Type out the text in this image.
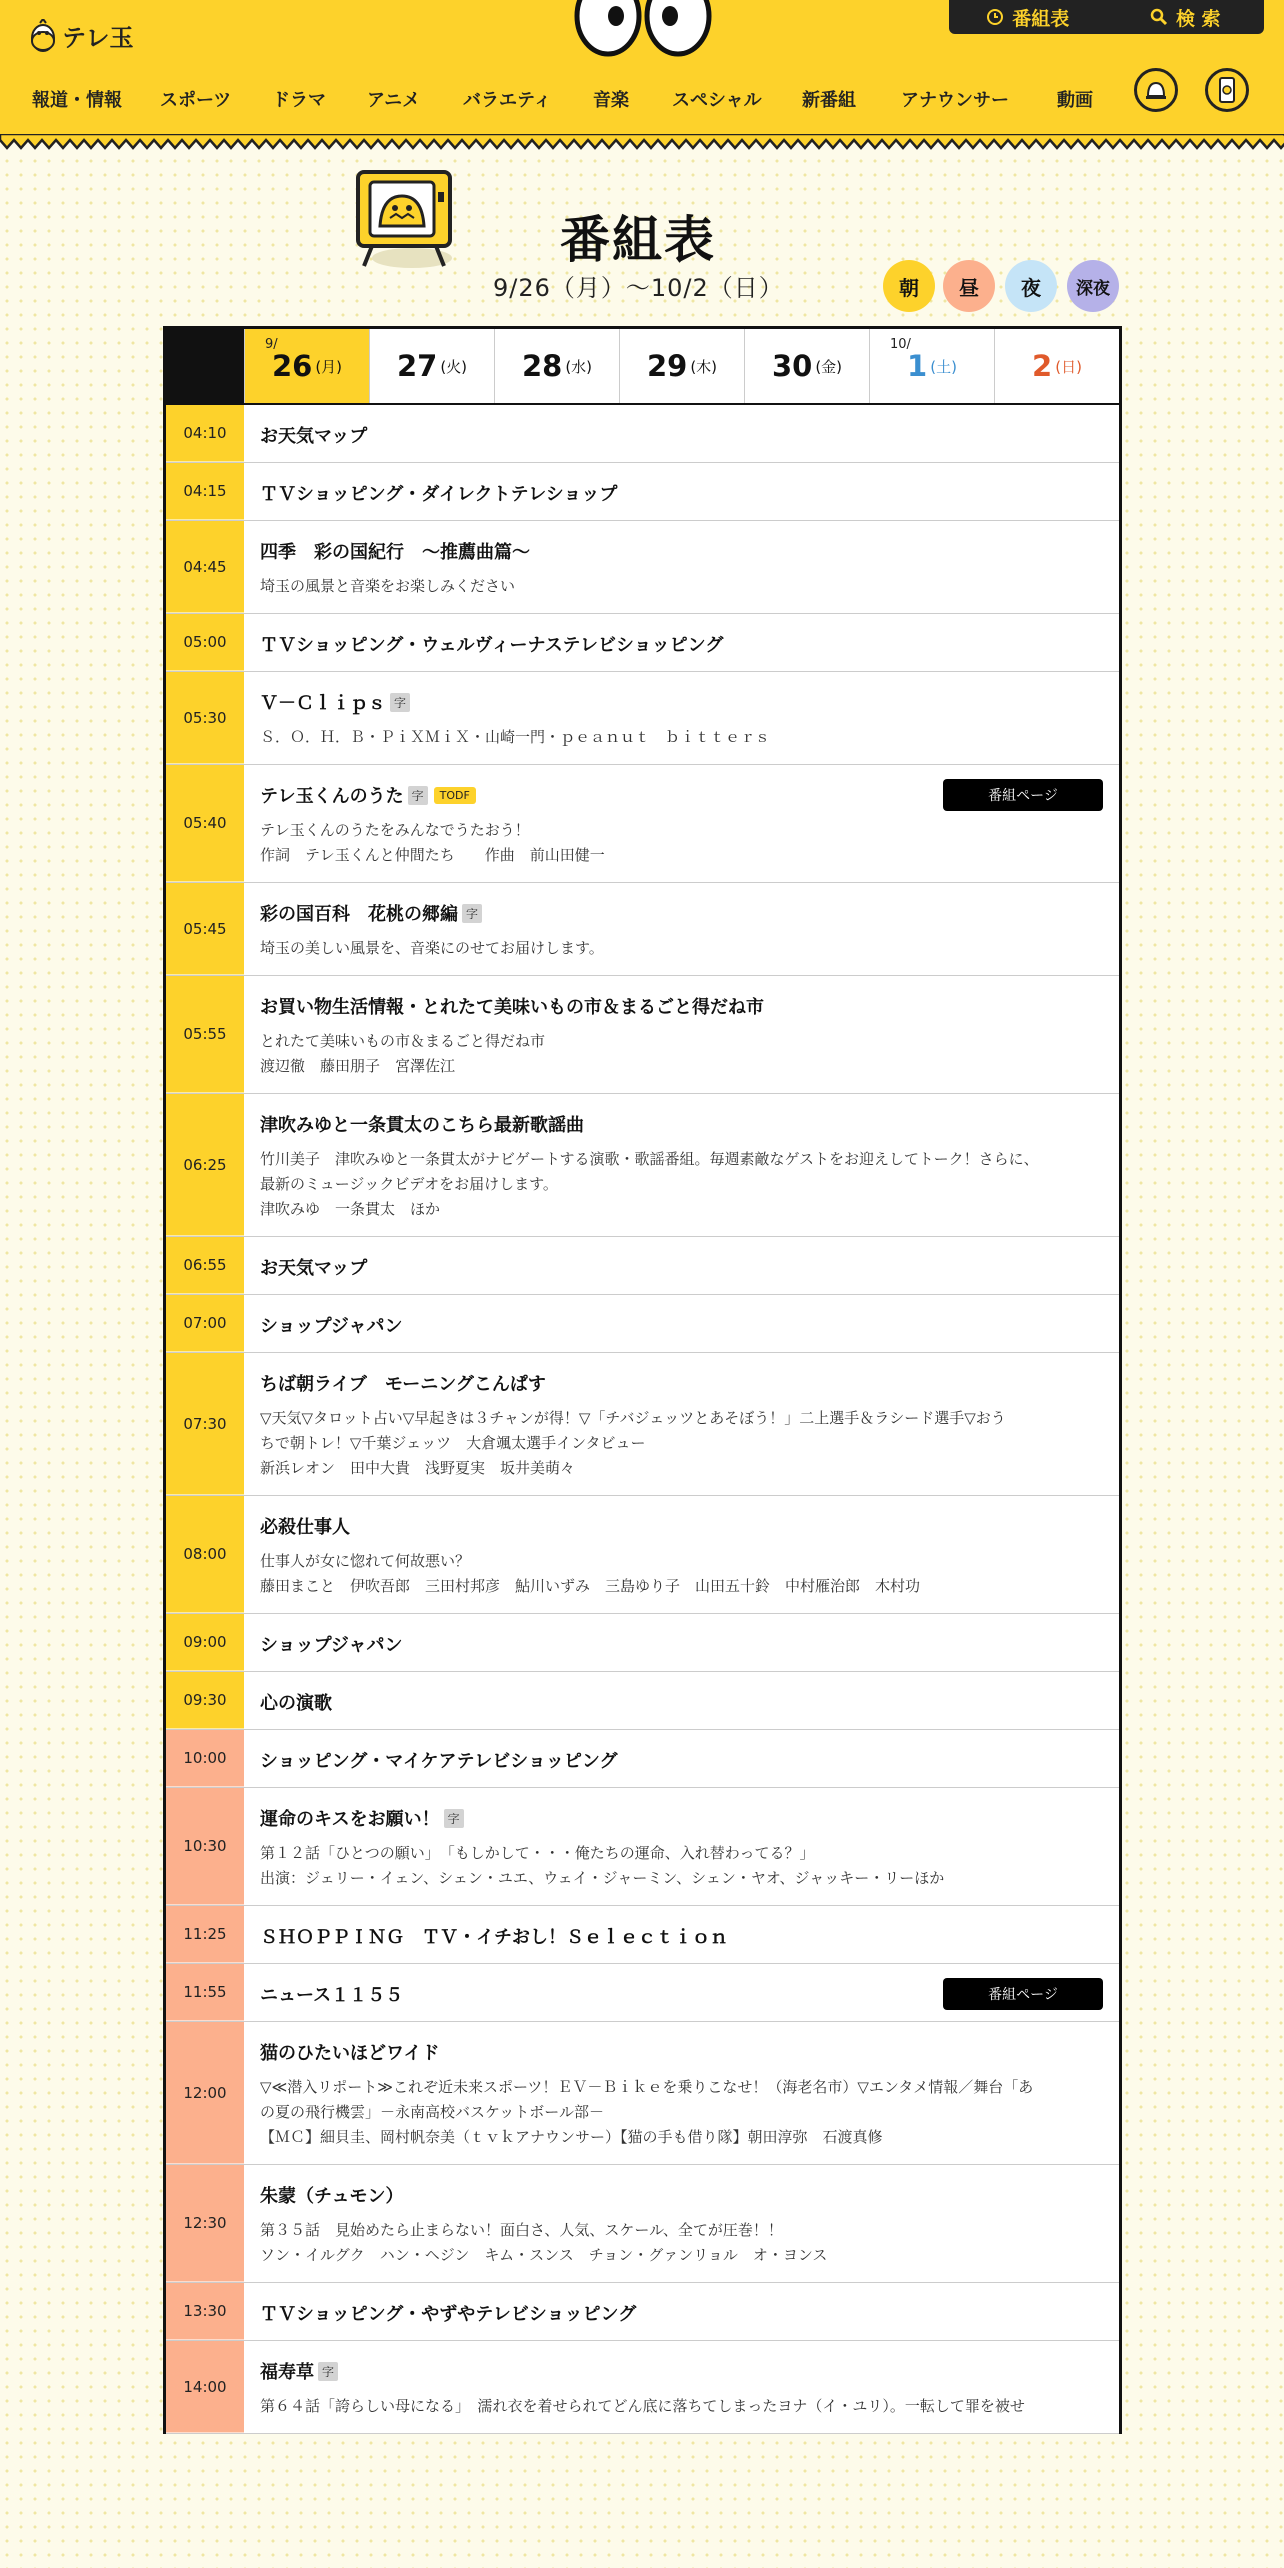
テレ玉
番組表	検 索
報道・情報 スポーツ ドラマ アニメ バラエティ 音楽 スペシャル 新番組	アナウンサー	動画
番組表
9/26（月）〜10/2（日）	朝 昼 夜 深夜
9/
26 (月) 27 (火) 28 (水) 29 (木) 30 (金)
10/
1 (土)	2 (日)
04:10	お天気マップ
04:15	ＴＶショッピング・ダイレクトテレショップ
04:45
四季　彩の国紀行　～推薦曲篇～
埼玉の風景と音楽をお楽しみください
05:00	ＴＶショッピング・ウェルヴィーナステレビショッピング
05:30
Ｖ－Ｃｌｉｐｓ 字
Ｓ．Ｏ．Ｈ．Ｂ・ＰｉＸＭｉＸ・山崎一門・ｐｅａｎｕｔ　ｂｉｔｔｅｒｓ
05:40
テレ玉くんのうた 字	TODF	番組ページ
テレ玉くんのうたをみんなでうたおう！
作詞　テレ玉くんと仲間たち　　作曲　前山田健一
05:45
彩の国百科　花桃の郷編 字
埼玉の美しい風景を、音楽にのせてお届けします。
05:55
お買い物生活情報・とれたて美味いもの市＆まるごと得だね市
とれたて美味いもの市＆まるごと得だね市
渡辺徹　藤田朋子　宮澤佐江
06:25
津吹みゆと一条貫太のこちら最新歌謡曲
竹川美子　津吹みゆと一条貫太がナビゲートする演歌・歌謡番組。毎週素敵なゲストをお迎えしてトーク！さらに、
最新のミュージックビデオをお届けします。
津吹みゆ　一条貫太　ほか
06:55	お天気マップ
07:00	ショップジャパン
07:30
ちば朝ライブ　モーニングこんぱす
▽天気▽タロット占い▽早起きは３チャンが得！▽「チバジェッツとあそぼう！」二上選手＆ラシード選手▽おう
ちで朝トレ！▽千葉ジェッツ　大倉颯太選手インタビュー
新浜レオン　田中大貴　浅野夏実　坂井美萌々
08:00
必殺仕事人
仕事人が女に惚れて何故悪い？
藤田まこと　伊吹吾郎　三田村邦彦　鮎川いずみ　三島ゆり子　山田五十鈴　中村雁治郎　木村功
09:00	ショップジャパン
09:30	心の演歌
10:00	ショッピング・マイケアテレビショッピング
10:30
運命のキスをお願い！ 字
第１２話「ひとつの願い」　「もしかして・・・俺たちの運命、入れ替わってる？」
出演：ジェリー・イェン、シェン・ユエ、ウェイ・ジャーミン、シェン・ヤオ、ジャッキー・リーほか
11:25	ＳＨＯＰＰＩＮＧ　ＴＶ・イチおし！Ｓｅｌｅｃｔｉｏｎ
11:55	ニュース１１５５	番組ページ
12:00
猫のひたいほどワイド
▽≪潜入リポート≫これぞ近未来スポーツ！ＥＶ－Ｂｉｋｅを乗りこなせ！（海老名市）▽エンタメ情報／舞台「あ
の夏の飛行機雲」－永南高校バスケットボール部－
【ＭＣ】細貝圭、岡村帆奈美（ｔｖｋアナウンサー）【猫の手も借り隊】朝田淳弥　石渡真修
12:30
朱蒙（チュモン）
第３５話　見始めたら止まらない！面白さ、人気、スケール、全てが圧巻！！
ソン・イルグク　ハン・ヘジン　キム・スンス　チョン・グァンリョル　オ・ヨンス
13:30	ＴＶショッピング・やずやテレビショッピング
14:00
福寿草 字
第６４話「誇らしい母になる」　濡れ衣を着せられてどん底に落ちてしまったヨナ（イ・ユリ）。一転して罪を被せ
